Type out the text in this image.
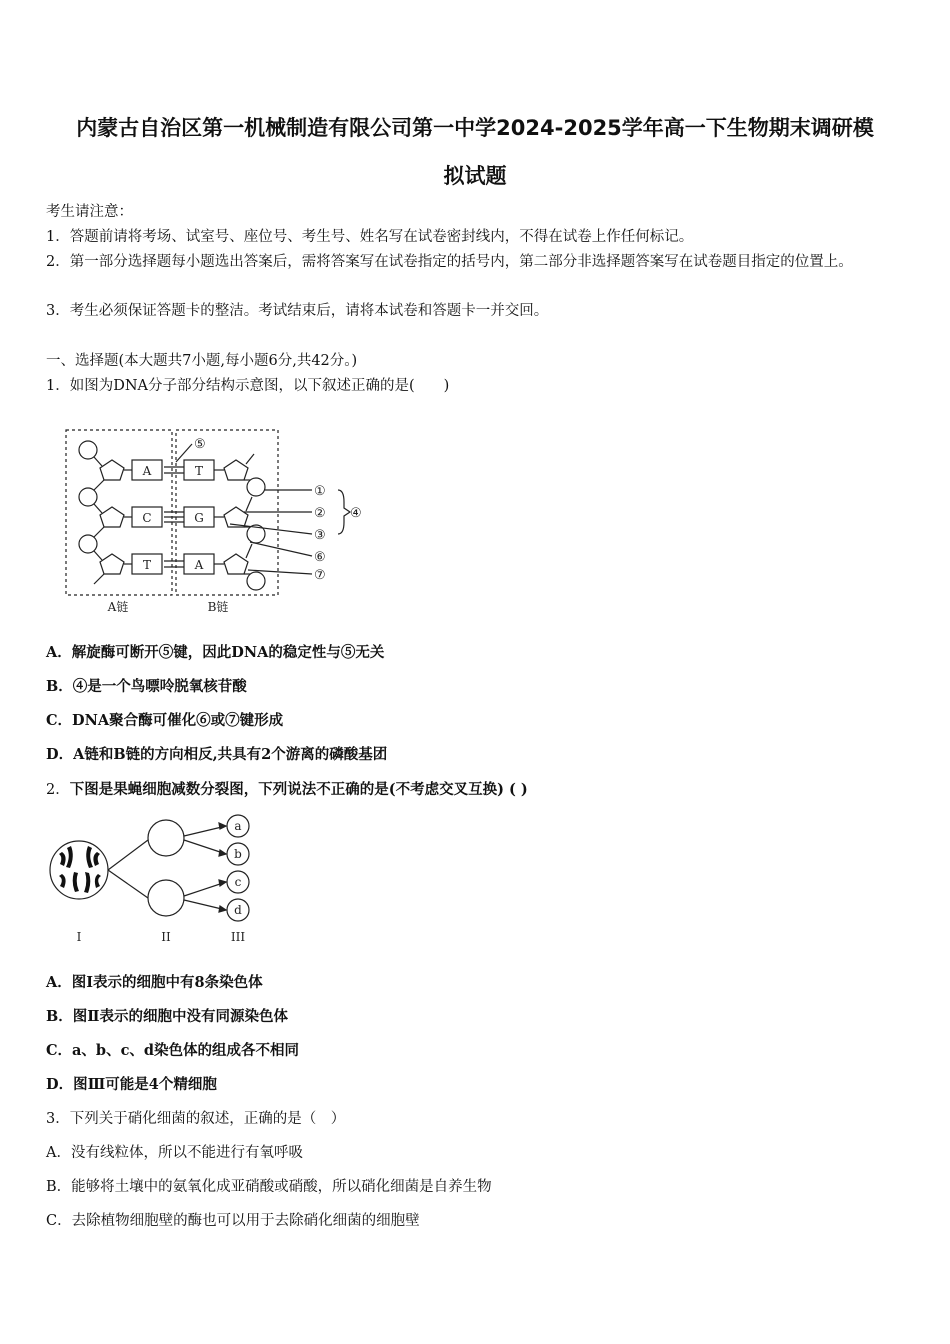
内蒙古自治区第一机械制造有限公司第一中学2024-2025学年高一下生物期末调研模
拟试题
考生请注意：
1．答题前请将考场、试室号、座位号、考生号、姓名写在试卷密封线内，不得在试卷上作任何标记。
2．第一部分选择题每小题选出答案后，需将答案写在试卷指定的括号内，第二部分非选择题答案写在试卷题目指定的位置上。
3．考生必须保证答题卡的整洁。考试结束后，请将本试卷和答题卡一并交回。
一、选择题(本大题共7小题,每小题6分,共42分。)
1．如图为DNA分子部分结构示意图，以下叙述正确的是(　　)
A
C
T
T
G
A
⑤
①
②
③
④
⑥
⑦
A链	B链
A．解旋酶可断开⑤键，因此DNA的稳定性与⑤无关
B．④是一个鸟嘌呤脱氧核苷酸
C．DNA聚合酶可催化⑥或⑦键形成
D．A链和B链的方向相反,共具有2个游离的磷酸基团
2．下图是果蝇细胞减数分裂图，下列说法不正确的是(不考虑交叉互换) ( )
a
b
c
d
I	II	III
A．图Ⅰ表示的细胞中有8条染色体
B．图Ⅱ表示的细胞中没有同源染色体
C．a、b、c、d染色体的组成各不相同
D．图Ⅲ可能是4个精细胞
3．下列关于硝化细菌的叙述，正确的是（　）
A．没有线粒体，所以不能进行有氧呼吸
B．能够将土壤中的氨氧化成亚硝酸或硝酸，所以硝化细菌是自养生物
C．去除植物细胞壁的酶也可以用于去除硝化细菌的细胞壁
